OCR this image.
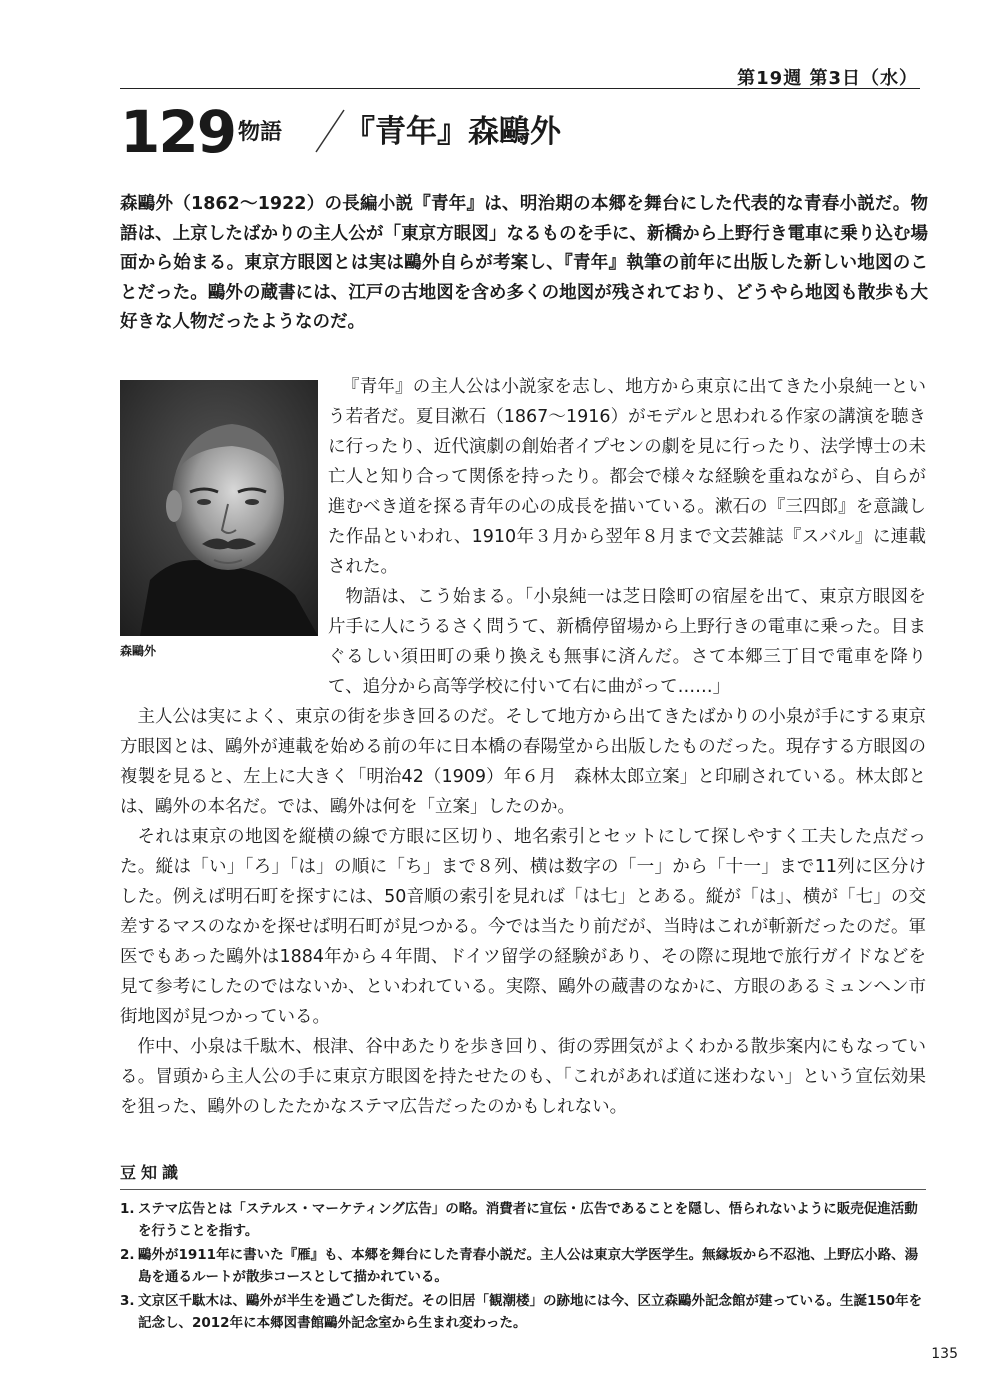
第19週 第3日（水）
129 物語 『青年』森鷗外

森鷗外（1862〜1922）の長編小説『青年』は、明治期の本郷を舞台にした代表的な青春小説だ。物語は、上京したばかりの主人公が「東京方眼図」なるものを手に、新橋から上野行き電車に乗り込む場面から始まる。東京方眼図とは実は鷗外自らが考案し、『青年』執筆の前年に出版した新しい地図のことだった。鷗外の蔵書には、江戸の古地図を含め多くの地図が残されており、どうやら地図も散歩も大好きな人物だったようなのだ。

森鷗外

『青年』の主人公は小説家を志し、地方から東京に出てきた小泉純一という若者だ。夏目漱石（1867〜1916）がモデルと思われる作家の講演を聴きに行ったり、近代演劇の創始者イプセンの劇を見に行ったり、法学博士の未亡人と知り合って関係を持ったり。都会で様々な経験を重ねながら、自らが進むべき道を探る青年の心の成長を描いている。漱石の『三四郎』を意識した作品といわれ、1910年３月から翌年８月まで文芸雑誌『スバル』に連載された。

物語は、こう始まる。「小泉純一は芝日陰町の宿屋を出て、東京方眼図を片手に人にうるさく問うて、新橋停留場から上野行きの電車に乗った。目まぐるしい須田町の乗り換えも無事に済んだ。さて本郷三丁目で電車を降りて、追分から高等学校に付いて右に曲がって……」

主人公は実によく、東京の街を歩き回るのだ。そして地方から出てきたばかりの小泉が手にする東京方眼図とは、鷗外が連載を始める前の年に日本橋の春陽堂から出版したものだった。現存する方眼図の複製を見ると、左上に大きく「明治42（1909）年６月　森林太郎立案」と印刷されている。林太郎とは、鷗外の本名だ。では、鷗外は何を「立案」したのか。

それは東京の地図を縦横の線で方眼に区切り、地名索引とセットにして探しやすく工夫した点だった。縦は「い」「ろ」「は」の順に「ち」まで８列、横は数字の「一」から「十一」まで11列に区分けした。例えば明石町を探すには、50音順の索引を見れば「は七」とある。縦が「は」、横が「七」の交差するマスのなかを探せば明石町が見つかる。今では当たり前だが、当時はこれが斬新だったのだ。軍医でもあった鷗外は1884年から４年間、ドイツ留学の経験があり、その際に現地で旅行ガイドなどを見て参考にしたのではないか、といわれている。実際、鷗外の蔵書のなかに、方眼のあるミュンヘン市街地図が見つかっている。

作中、小泉は千駄木、根津、谷中あたりを歩き回り、街の雰囲気がよくわかる散歩案内にもなっている。冒頭から主人公の手に東京方眼図を持たせたのも、「これがあれば道に迷わない」という宣伝効果を狙った、鷗外のしたたかなステマ広告だったのかもしれない。

豆知識
1. ステマ広告とは「ステルス・マーケティング広告」の略。消費者に宣伝・広告であることを隠し、悟られないように販売促進活動を行うことを指す。
2. 鷗外が1911年に書いた『雁』も、本郷を舞台にした青春小説だ。主人公は東京大学医学生。無縁坂から不忍池、上野広小路、湯島を通るルートが散歩コースとして描かれている。
3. 文京区千駄木は、鷗外が半生を過ごした街だ。その旧居「観潮楼」の跡地には今、区立森鷗外記念館が建っている。生誕150年を記念し、2012年に本郷図書館鷗外記念室から生まれ変わった。
135
